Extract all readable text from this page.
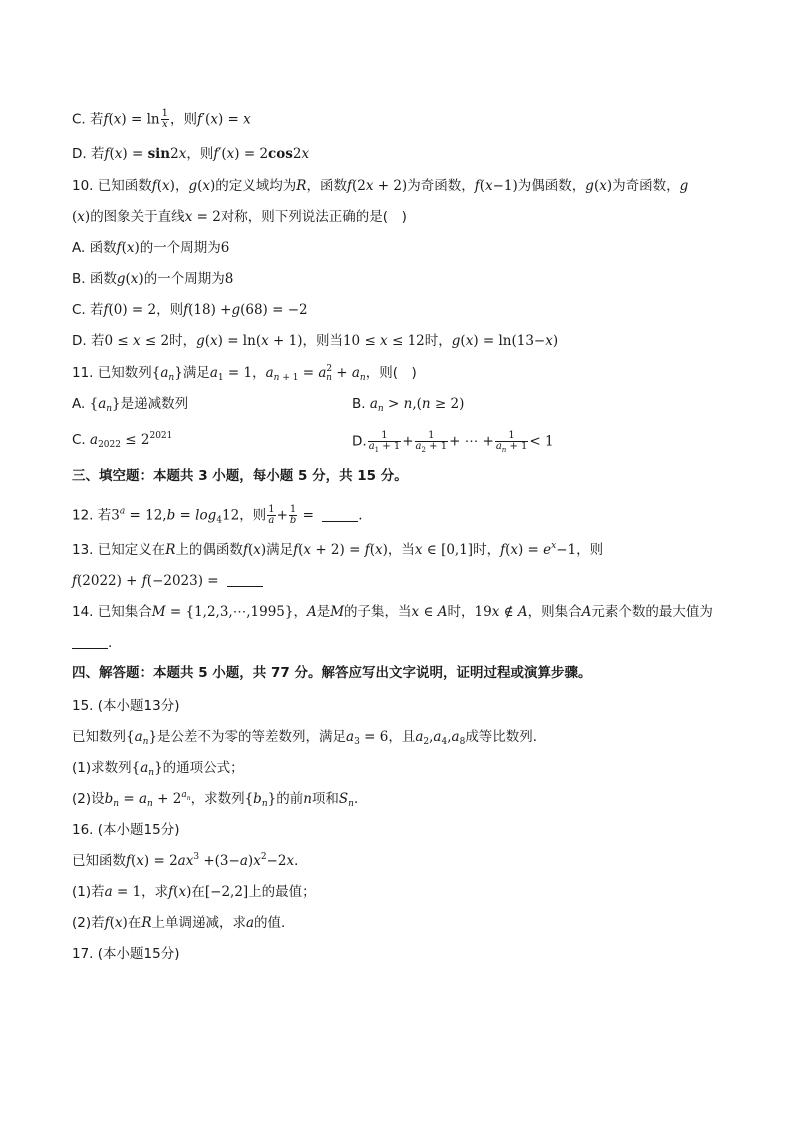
C. 若$f(x) = \ln \frac{1}{x}$ ，则f′(x) = x
D. 若f(x) = sin2x，则f′(x) = 2cos2x
10. 已知函数f(x)，g(x)的定义域均为R，函数f(2x + 2)为奇函数，f(x−1)为偶函数，g(x)为奇函数，g
(x)的图象关于直线x = 2对称，则下列说法正确的是(　)
A. 函数f(x)的一个周期为6
B. 函数g(x)的一个周期为8
C. 若f(0) = 2，则f(18) +g(68) = −2
D. 若0 ≤ x ≤ 2时，g(x) = ln(x + 1)，则当10 ≤ x ≤ 12时，g(x) = ln(13−x)
11. 已知数列$\{a_n\}$满足$a_1 = 1$，$a_{n + 1} = a^2_n + a_n$，则(　)
A. $\{a_n\}$是递减数列	B. $a_n > n,(n \ge 2)$
C. $a_{2022} \le 2^{2021}$	D. $\frac{1}{a_1 + 1} + \frac{1}{a_2 + 1}$ + ⋯ + $\frac{1}{a_n + 1} < 1$
三、填空题：本题共 3 小题，每小题 5 分，共 15 分。
12. 若$3^a = 12,b = \log_412$，则 $\frac{1}{a} + \frac{1}{b}$ =	.
13. 已知定义在R上的偶函数f(x)满足f(x + 2) = f(x)，当x ∈ [0,1]时，$f(x) = e^x-1$，则
f(2022) + f(−2023) =
14. 已知集合M = {1,2,3,⋯,1995}，A是M的子集，当x ∈ A时，19x ∉ A，则集合A元素个数的最大值为
.
四、解答题：本题共 5 小题，共 77 分。解答应写出文字说明，证明过程或演算步骤。
15. (本小题13分)
已知数列$\{a_n\}$是公差不为零的等差数列，满足$a_3 = 6$，且$a_2,a_4,a_8$成等比数列．
(1)求数列$\{a_n\}$的通项公式；
(2)设$b_n = a_n + 2^{a_n}$，求数列$\{b_n\}$的前n项和$S_n$．
16. (本小题15分)
已知函数$f(x) = 2ax^3 +(3-a)x^2-2x$．
(1)若a = 1，求f(x)在[−2,2]上的最值；
(2)若f(x)在R上单调递减，求a的值．
17. (本小题15分)
